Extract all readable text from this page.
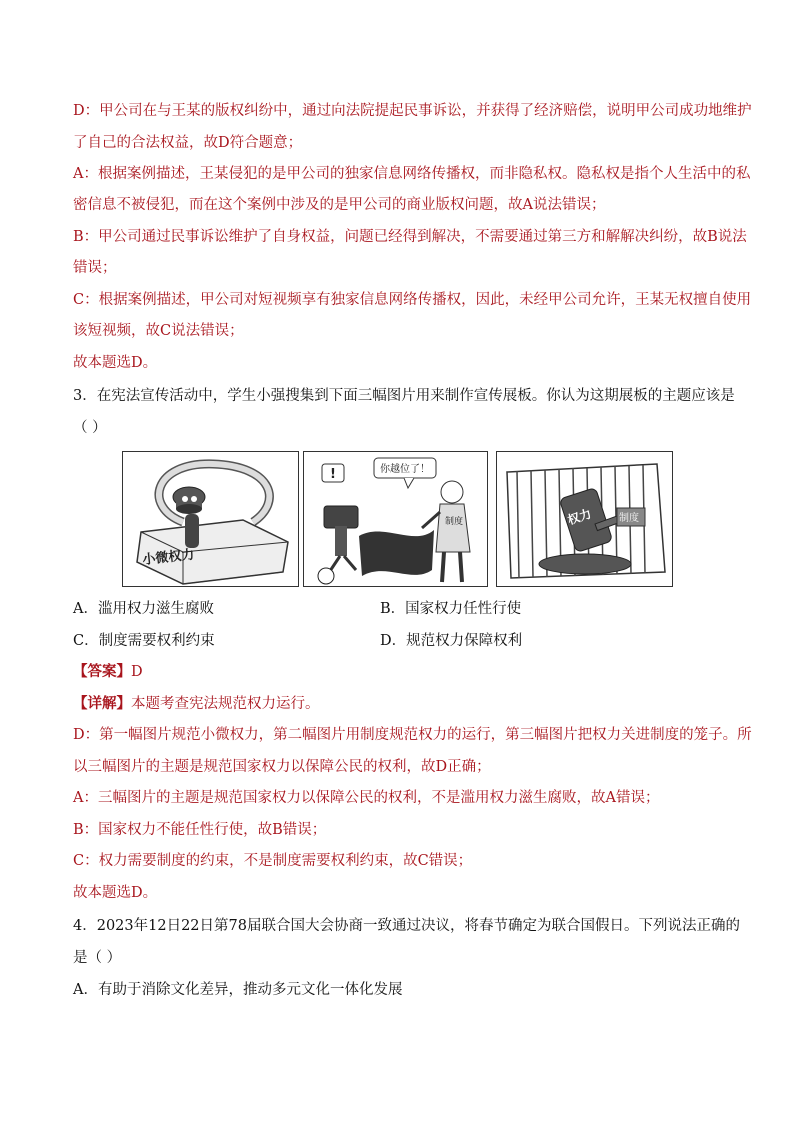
D：甲公司在与王某的版权纠纷中，通过向法院提起民事诉讼，并获得了经济赔偿，说明甲公司成功地维护
了自己的合法权益，故D符合题意；
A：根据案例描述，王某侵犯的是甲公司的独家信息网络传播权，而非隐私权。隐私权是指个人生活中的私
密信息不被侵犯，而在这个案例中涉及的是甲公司的商业版权问题，故A说法错误；
B：甲公司通过民事诉讼维护了自身权益，问题已经得到解决，不需要通过第三方和解解决纠纷，故B说法
错误；
C：根据案例描述，甲公司对短视频享有独家信息网络传播权，因此，未经甲公司允许，王某无权擅自使用
该短视频，故C说法错误；
故本题选D。
3．在宪法宣传活动中，学生小强搜集到下面三幅图片用来制作宣传展板。你认为这期展板的主题应该是
（ ）
小微权力
你越位了！
!
制度	权力	制度
A．滥用权力滋生腐败	B．国家权力任性行使
C．制度需要权利约束	D．规范权力保障权利
【答案】D
【详解】本题考查宪法规范权力运行。
D：第一幅图片规范小微权力，第二幅图片用制度规范权力的运行，第三幅图片把权力关进制度的笼子。所
以三幅图片的主题是规范国家权力以保障公民的权利，故D正确；
A：三幅图片的主题是规范国家权力以保障公民的权利，不是滥用权力滋生腐败，故A错误；
B：国家权力不能任性行使，故B错误；
C：权力需要制度的约束，不是制度需要权利约束，故C错误；
故本题选D。
4．2023年12日22日第78届联合国大会协商一致通过决议，将春节确定为联合国假日。下列说法正确的
是（ ）
A．有助于消除文化差异，推动多元文化一体化发展
